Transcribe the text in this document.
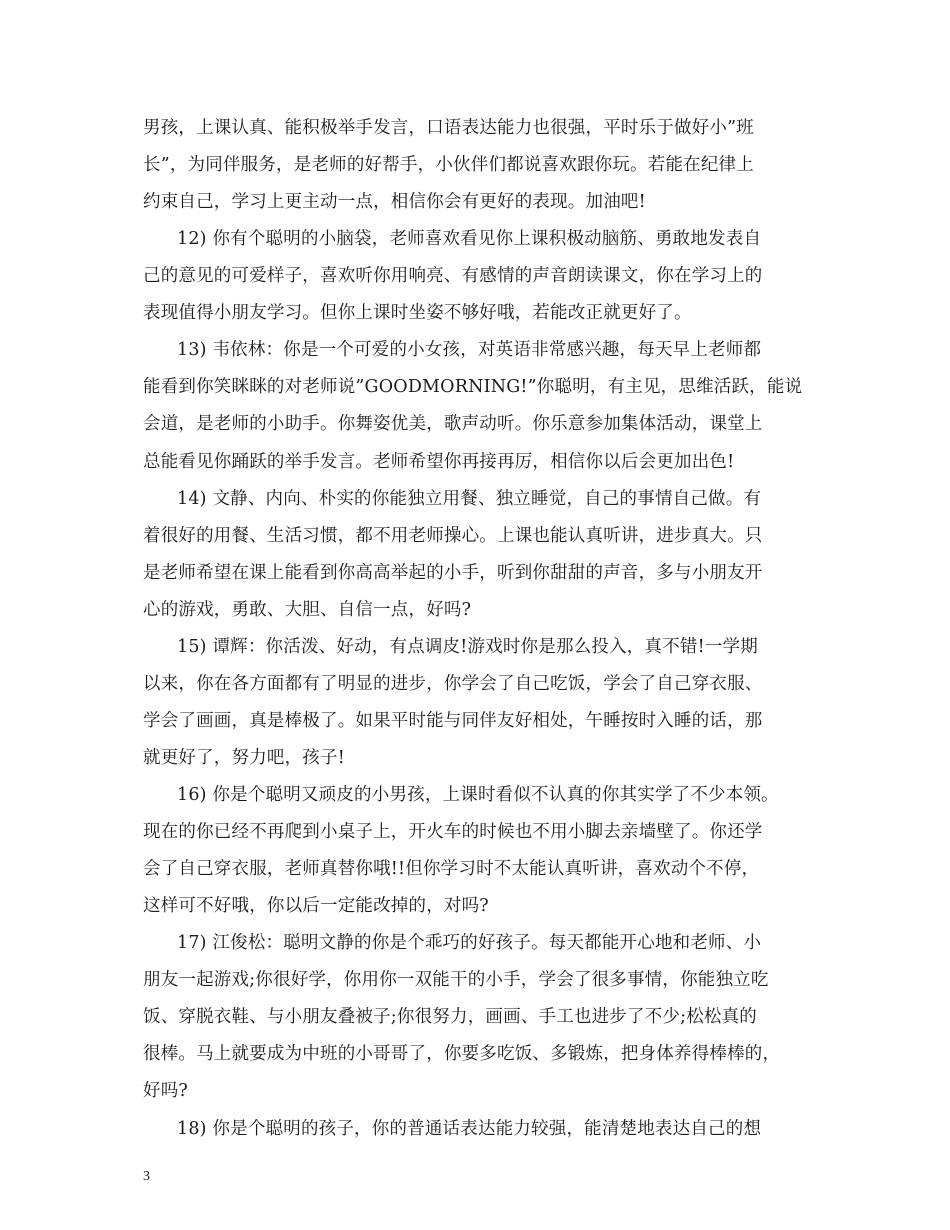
男孩，上课认真、能积极举手发言，口语表达能力也很强，平时乐于做好小”班
长”，为同伴服务，是老师的好帮手，小伙伴们都说喜欢跟你玩。若能在纪律上
约束自己，学习上更主动一点，相信你会有更好的表现。加油吧!
12) 你有个聪明的小脑袋，老师喜欢看见你上课积极动脑筋、勇敢地发表自
己的意见的可爱样子，喜欢听你用响亮、有感情的声音朗读课文，你在学习上的
表现值得小朋友学习。但你上课时坐姿不够好哦，若能改正就更好了。
13) 韦依林：你是一个可爱的小女孩，对英语非常感兴趣，每天早上老师都
能看到你笑眯眯的对老师说”GOODMORNING!”你聪明，有主见，思维活跃，能说
会道，是老师的小助手。你舞姿优美，歌声动听。你乐意参加集体活动，课堂上
总能看见你踊跃的举手发言。老师希望你再接再厉，相信你以后会更加出色!
14) 文静、内向、朴实的你能独立用餐、独立睡觉，自己的事情自己做。有
着很好的用餐、生活习惯，都不用老师操心。上课也能认真听讲，进步真大。只
是老师希望在课上能看到你高高举起的小手，听到你甜甜的声音，多与小朋友开
心的游戏，勇敢、大胆、自信一点，好吗?
15) 谭辉：你活泼、好动，有点调皮!游戏时你是那么投入，真不错!一学期
以来，你在各方面都有了明显的进步，你学会了自己吃饭，学会了自己穿衣服、
学会了画画，真是棒极了。如果平时能与同伴友好相处，午睡按时入睡的话，那
就更好了，努力吧，孩子!
16) 你是个聪明又顽皮的小男孩，上课时看似不认真的你其实学了不少本领。
现在的你已经不再爬到小桌子上，开火车的时候也不用小脚去亲墙壁了。你还学
会了自己穿衣服，老师真替你哦!!但你学习时不太能认真听讲，喜欢动个不停，
这样可不好哦，你以后一定能改掉的，对吗?
17) 江俊松：聪明文静的你是个乖巧的好孩子。每天都能开心地和老师、小
朋友一起游戏;你很好学，你用你一双能干的小手，学会了很多事情，你能独立吃
饭、穿脱衣鞋、与小朋友叠被子;你很努力，画画、手工也进步了不少;松松真的
很棒。马上就要成为中班的小哥哥了，你要多吃饭、多锻炼，把身体养得棒棒的，
好吗?
18) 你是个聪明的孩子，你的普通话表达能力较强，能清楚地表达自己的想
3
